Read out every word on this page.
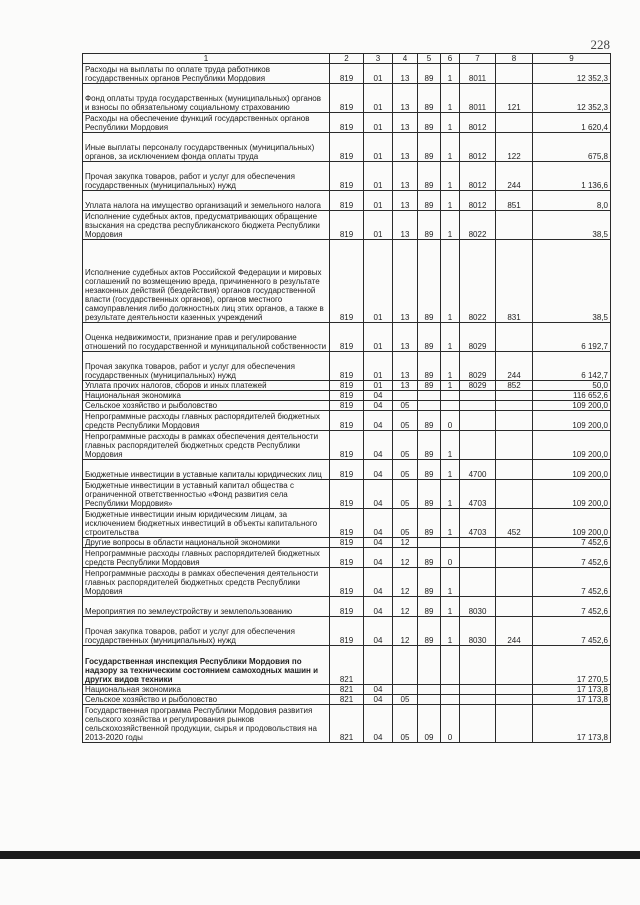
228
1	2	3	4	5	6	7	8	9
Расходы на выплаты по оплате труда работников государственных органов Республики Мордовия	819	01	13	89	1	8011		12 352,3
Фонд оплаты труда государственных (муниципальных) органов и взносы по обязательному социальному страхованию	819	01	13	89	1	8011	121	12 352,3
Расходы на обеспечение функций государственных органов Республики Мордовия	819	01	13	89	1	8012		1 620,4
Иные выплаты персоналу государственных (муниципальных) органов, за исключением фонда оплаты труда	819	01	13	89	1	8012	122	675,8
Прочая закупка товаров, работ и услуг для обеспечения государственных (муниципальных) нужд	819	01	13	89	1	8012	244	1 136,6
Уплата налога на имущество организаций и земельного налога	819	01	13	89	1	8012	851	8,0
Исполнение судебных актов, предусматривающих обращение взыскания на средства республиканского бюджета Республики Мордовия	819	01	13	89	1	8022		38,5
Исполнение судебных актов Российской Федерации и мировых соглашений по возмещению вреда, причиненного в результате незаконных действий (бездействия) органов государственной власти (государственных органов), органов местного самоуправления либо должностных лиц этих органов, а также в результате деятельности казенных учреждений	819	01	13	89	1	8022	831	38,5
Оценка недвижимости, признание прав и регулирование отношений по государственной и муниципальной собственности	819	01	13	89	1	8029		6 192,7
Прочая закупка товаров, работ и услуг для обеспечения государственных (муниципальных) нужд	819	01	13	89	1	8029	244	6 142,7
Уплата прочих налогов, сборов и иных платежей	819	01	13	89	1	8029	852	50,0
Национальная экономика	819	04						116 652,6
Сельское хозяйство и рыболовство	819	04	05					109 200,0
Непрограммные расходы главных распорядителей бюджетных средств Республики Мордовия	819	04	05	89	0			109 200,0
Непрограммные расходы в рамках обеспечения деятельности главных распорядителей бюджетных средств Республики Мордовия	819	04	05	89	1			109 200,0
Бюджетные инвестиции в уставные капиталы юридических лиц	819	04	05	89	1	4700		109 200,0
Бюджетные инвестиции в уставный капитал общества с ограниченной ответственностью «Фонд развития села Республики Мордовия»	819	04	05	89	1	4703		109 200,0
Бюджетные инвестиции иным юридическим лицам, за исключением бюджетных инвестиций в объекты капитального строительства	819	04	05	89	1	4703	452	109 200,0
Другие вопросы в области национальной экономики	819	04	12					7 452,6
Непрограммные расходы главных распорядителей бюджетных средств Республики Мордовия	819	04	12	89	0			7 452,6
Непрограммные расходы в рамках обеспечения деятельности главных распорядителей бюджетных средств Республики Мордовия	819	04	12	89	1			7 452,6
Мероприятия по землеустройству и землепользованию	819	04	12	89	1	8030		7 452,6
Прочая закупка товаров, работ и услуг для обеспечения государственных (муниципальных) нужд	819	04	12	89	1	8030	244	7 452,6
Государственная инспекция Республики Мордовия по надзору за техническим состоянием самоходных машин и других видов техники	821							17 270,5
Национальная экономика	821	04						17 173,8
Сельское хозяйство и рыболовство	821	04	05					17 173,8
Государственная программа Республики Мордовия развития сельского хозяйства и регулирования рынков сельскохозяйственной продукции, сырья и продовольствия на 2013-2020 годы	821	04	05	09	0			17 173,8
